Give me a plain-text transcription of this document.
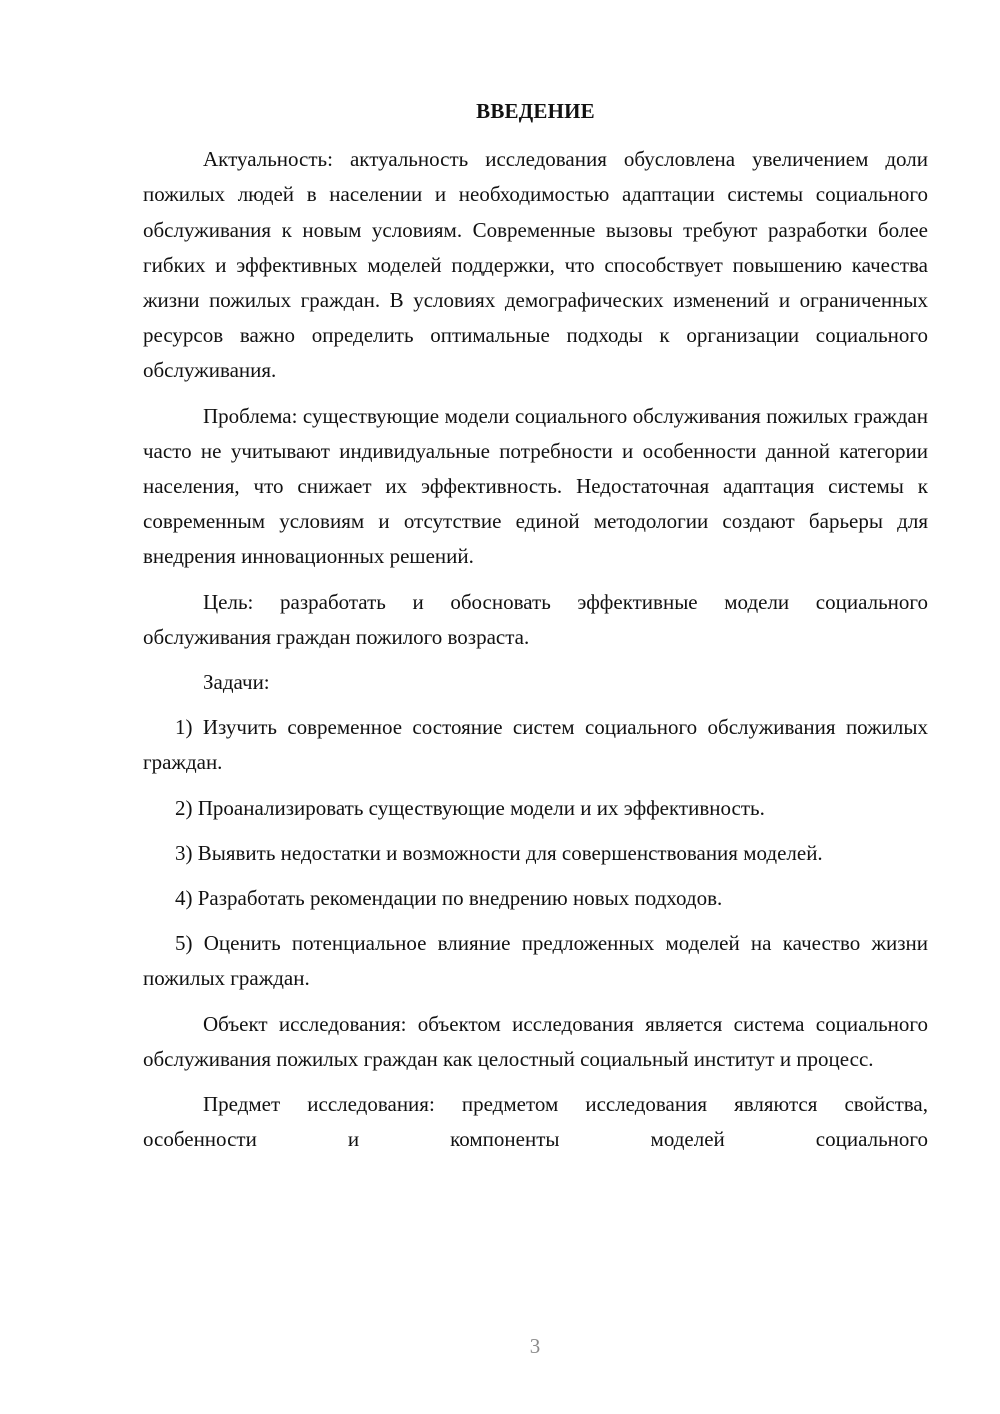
ВВЕДЕНИЕ

Актуальность: актуальность исследования обусловлена увеличением доли пожилых людей в населении и необходимостью адаптации системы социального обслуживания к новым условиям. Современные вызовы требуют разработки более гибких и эффективных моделей поддержки, что способствует повышению качества жизни пожилых граждан. В условиях демографических изменений и ограниченных ресурсов важно определить оптимальные подходы к организации социального обслуживания.

Проблема: существующие модели социального обслуживания пожилых граждан часто не учитывают индивидуальные потребности и особенности данной категории населения, что снижает их эффективность. Недостаточная адаптация системы к современным условиям и отсутствие единой методологии создают барьеры для внедрения инновационных решений.

Цель: разработать и обосновать эффективные модели социального обслуживания граждан пожилого возраста.

Задачи:

1) Изучить современное состояние систем социального обслуживания пожилых граждан.

2) Проанализировать существующие модели и их эффективность.

3) Выявить недостатки и возможности для совершенствования моделей.

4) Разработать рекомендации по внедрению новых подходов.

5) Оценить потенциальное влияние предложенных моделей на качество жизни пожилых граждан.

Объект исследования: объектом исследования является система социального обслуживания пожилых граждан как целостный социальный институт и процесс.

Предмет исследования: предметом исследования являются свойства, особенности и компоненты моделей социального

3
